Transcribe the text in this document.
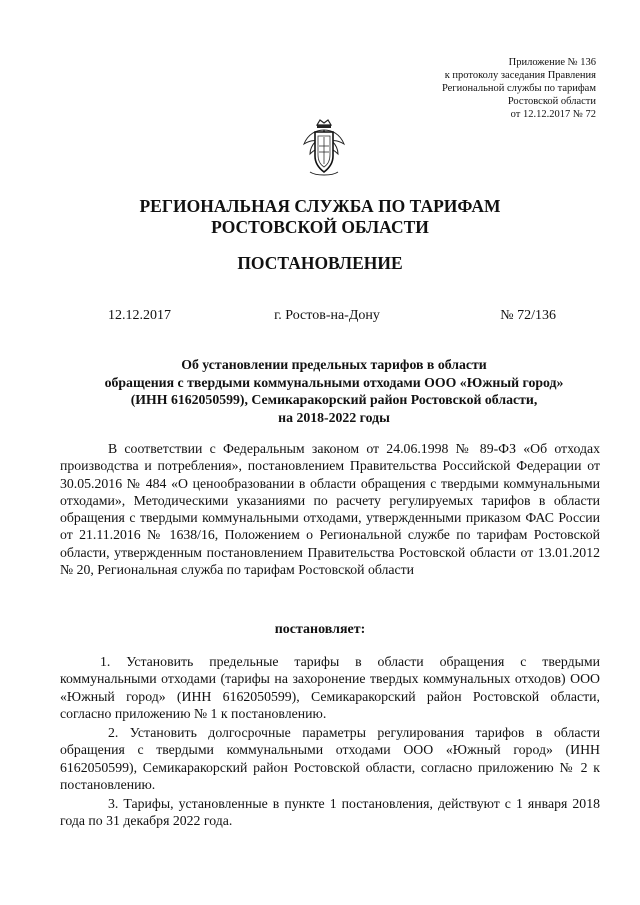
Приложение № 136
к протоколу заседания Правления
Региональной службы по тарифам
Ростовской области
от 12.12.2017 № 72
РЕГИОНАЛЬНАЯ СЛУЖБА ПО ТАРИФАМ
РОСТОВСКОЙ ОБЛАСТИ
ПОСТАНОВЛЕНИЕ
12.12.2017	г. Ростов-на-Дону	№ 72/136
Об установлении предельных тарифов в области
обращения с твердыми коммунальными отходами ООО «Южный город»
(ИНН 6162050599), Семикаракорский район Ростовской области,
на 2018-2022 годы
В соответствии с Федеральным законом от 24.06.1998 № 89-ФЗ «Об отходах производства и потребления», постановлением Правительства Российской Федерации от 30.05.2016 № 484 «О ценообразовании в области обращения с твердыми коммунальными отходами», Методическими указаниями по расчету регулируемых тарифов в области обращения с твердыми коммунальными отходами, утвержденными приказом ФАС России от 21.11.2016 № 1638/16, Положением о Региональной службе по тарифам Ростовской области, утвержденным постановлением Правительства Ростовской области от 13.01.2012 № 20, Региональная служба по тарифам Ростовской области
постановляет:
1. Установить предельные тарифы в области обращения с твердыми коммунальными отходами (тарифы на захоронение твердых коммунальных отходов) ООО «Южный город» (ИНН 6162050599), Семикаракорский район Ростовской области, согласно приложению № 1 к постановлению.
2. Установить долгосрочные параметры регулирования тарифов в области обращения с твердыми коммунальными отходами ООО «Южный город» (ИНН 6162050599), Семикаракорский район Ростовской области, согласно приложению № 2 к постановлению.
3. Тарифы, установленные в пункте 1 постановления, действуют с 1 января 2018 года по 31 декабря 2022 года.
